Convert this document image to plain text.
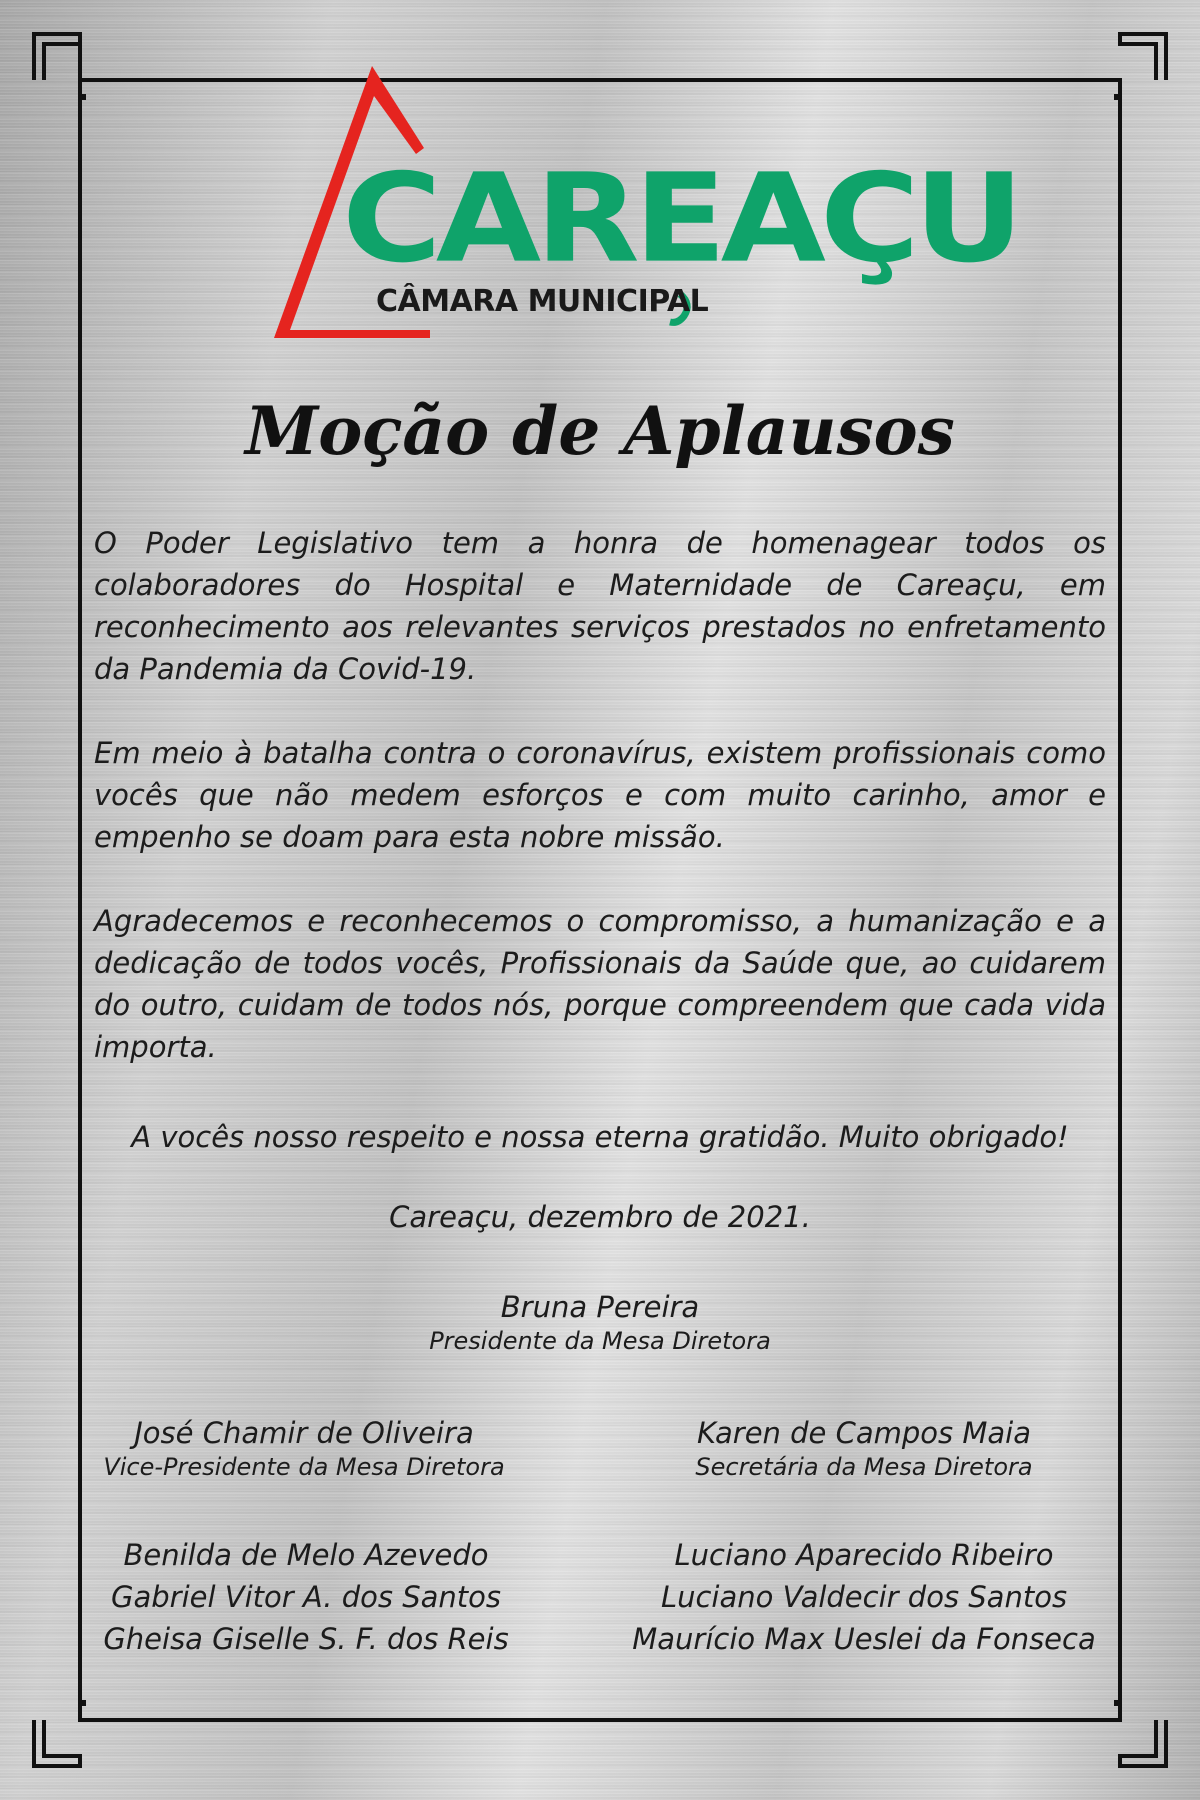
CAREAÇU
CÂMARA MUNICIPAL
Moção de Aplausos

O Poder Legislativo tem a honra de homenagear todos os colaboradores do Hospital e Maternidade de Careaçu, em reconhecimento aos relevantes serviços prestados no enfretamento da Pandemia da Covid-19.

Em meio à batalha contra o coronavírus, existem profissionais como vocês que não medem esforços e com muito carinho, amor e empenho se doam para esta nobre missão.

Agradecemos e reconhecemos o compromisso, a humanização e a dedicação de todos vocês, Profissionais da Saúde que, ao cuidarem do outro, cuidam de todos nós, porque compreendem que cada vida importa.

A vocês nosso respeito e nossa eterna gratidão. Muito obrigado!
Careaçu, dezembro de 2021.
Bruna Pereira
Presidente da Mesa Diretora
José Chamir de Oliveira
Vice-Presidente da Mesa Diretora
Karen de Campos Maia
Secretária da Mesa Diretora
Benilda de Melo Azevedo
Gabriel Vitor A. dos Santos
Gheisa Giselle S. F. dos Reis
Luciano Aparecido Ribeiro
Luciano Valdecir dos Santos
Maurício Max Ueslei da Fonseca
